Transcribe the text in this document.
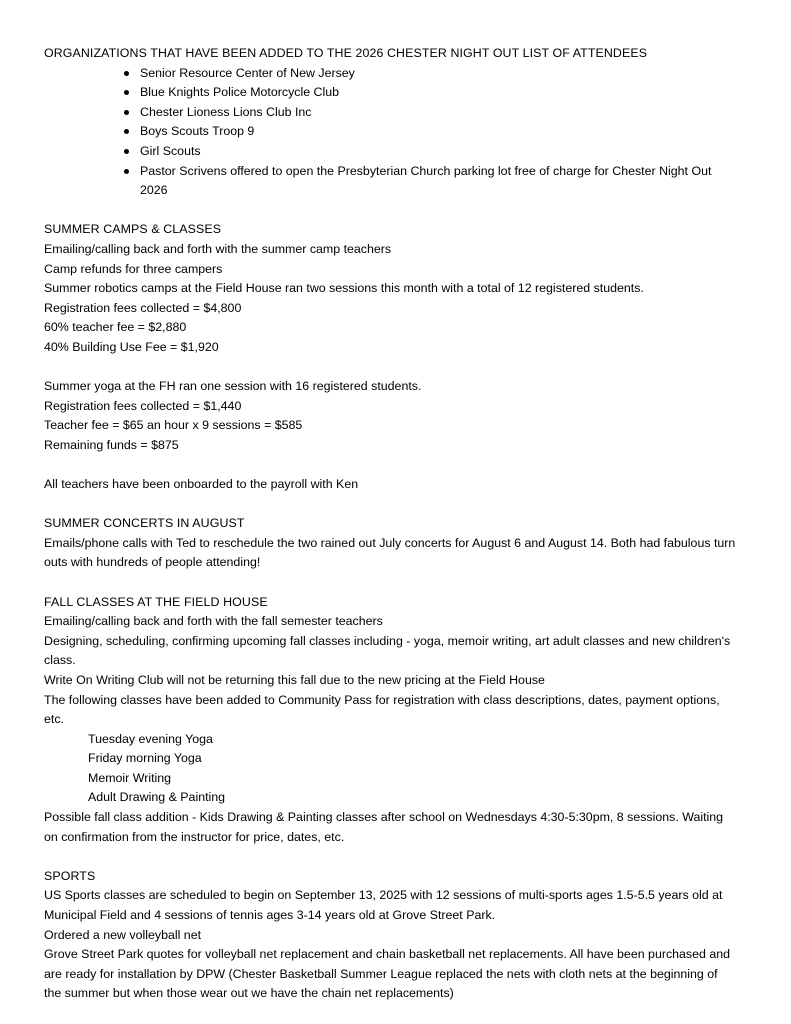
ORGANIZATIONS THAT HAVE BEEN ADDED TO THE 2026 CHESTER NIGHT OUT LIST OF ATTENDEES
Senior Resource Center of New Jersey
Blue Knights Police Motorcycle Club
Chester Lioness Lions Club Inc
Boys Scouts Troop 9
Girl Scouts
Pastor Scrivens offered to open the Presbyterian Church parking lot free of charge for Chester Night Out 2026
SUMMER CAMPS & CLASSES
Emailing/calling back and forth with the summer camp teachers
Camp refunds for three campers
Summer robotics camps at the Field House ran two sessions this month with a total of 12 registered students.
Registration fees collected = $4,800
60% teacher fee = $2,880
40% Building Use Fee = $1,920
Summer yoga at the FH ran one session with 16 registered students.
Registration fees collected = $1,440
Teacher fee = $65 an hour x 9 sessions = $585
Remaining funds = $875
All teachers have been onboarded to the payroll with Ken
SUMMER CONCERTS IN AUGUST
Emails/phone calls with Ted to reschedule the two rained out July concerts for August 6 and August 14. Both had fabulous turn outs with hundreds of people attending!
FALL CLASSES AT THE FIELD HOUSE
Emailing/calling back and forth with the fall semester teachers
Designing, scheduling, confirming upcoming fall classes including - yoga, memoir writing, art adult classes and new children's class.
Write On Writing Club will not be returning this fall due to the new pricing at the Field House
The following classes have been added to Community Pass for registration with class descriptions, dates, payment options, etc.
Tuesday evening Yoga
Friday morning Yoga
Memoir Writing
Adult Drawing & Painting
Possible fall class addition - Kids Drawing & Painting classes after school on Wednesdays 4:30-5:30pm, 8 sessions. Waiting on confirmation from the instructor for price, dates, etc.
SPORTS
US Sports classes are scheduled to begin on September 13, 2025 with 12 sessions of multi-sports ages 1.5-5.5 years old at Municipal Field and 4 sessions of tennis ages 3-14 years old at Grove Street Park.
Ordered a new volleyball net
Grove Street Park quotes for volleyball net replacement and chain basketball net replacements. All have been purchased and are ready for installation by DPW (Chester Basketball Summer League replaced the nets with cloth nets at the beginning of the summer but when those wear out we have the chain net replacements)
